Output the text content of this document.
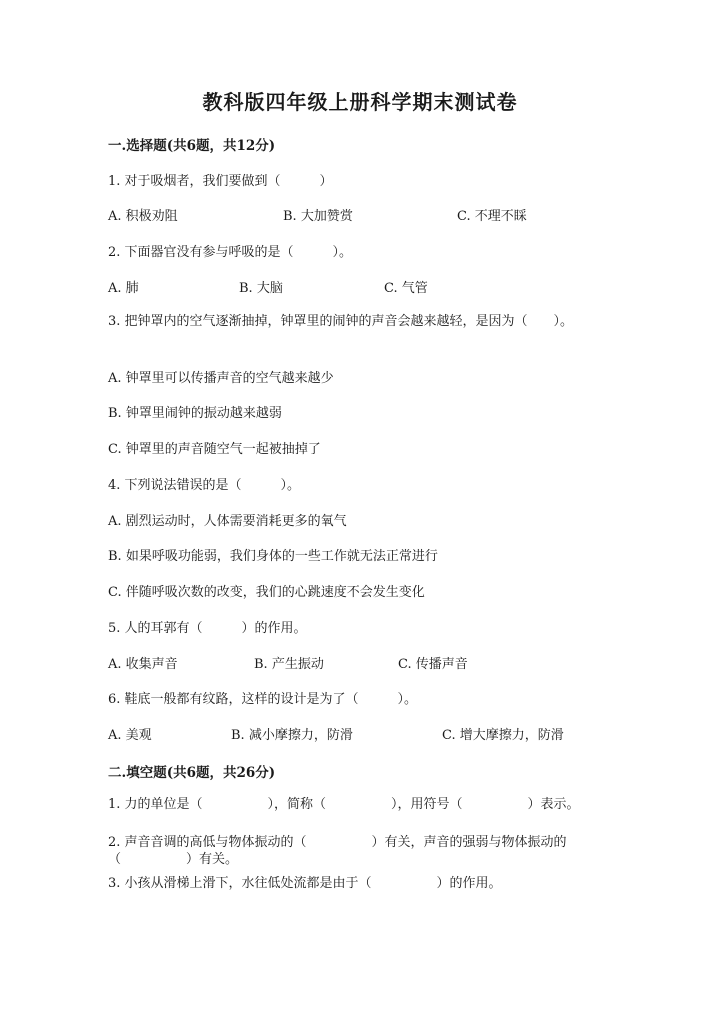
教科版四年级上册科学期末测试卷
一.选择题(共6题，共12分)
1. 对于吸烟者，我们要做到（　　　）
A. 积极劝阻	B. 大加赞赏	C. 不理不睬
2. 下面器官没有参与呼吸的是（　　　）。
A. 肺	B. 大脑	C. 气管
3. 把钟罩内的空气逐渐抽掉，钟罩里的闹钟的声音会越来越轻，是因为（　　）。
A. 钟罩里可以传播声音的空气越来越少
B. 钟罩里闹钟的振动越来越弱
C. 钟罩里的声音随空气一起被抽掉了
4. 下列说法错误的是（　　　）。
A. 剧烈运动时，人体需要消耗更多的氧气
B. 如果呼吸功能弱，我们身体的一些工作就无法正常进行
C. 伴随呼吸次数的改变，我们的心跳速度不会发生变化
5. 人的耳郭有（　　　）的作用。
A. 收集声音	B. 产生振动	C. 传播声音
6. 鞋底一般都有纹路，这样的设计是为了（　　　）。
A. 美观	B. 减小摩擦力，防滑	C. 增大摩擦力，防滑
二.填空题(共6题，共26分)
1. 力的单位是（　　　　　），简称（　　　　　），用符号（　　　　　）表示。
2. 声音音调的高低与物体振动的（　　　　　）有关，声音的强弱与物体振动的（　　　　　）有关。
3. 小孩从滑梯上滑下，水往低处流都是由于（　　　　　）的作用。
